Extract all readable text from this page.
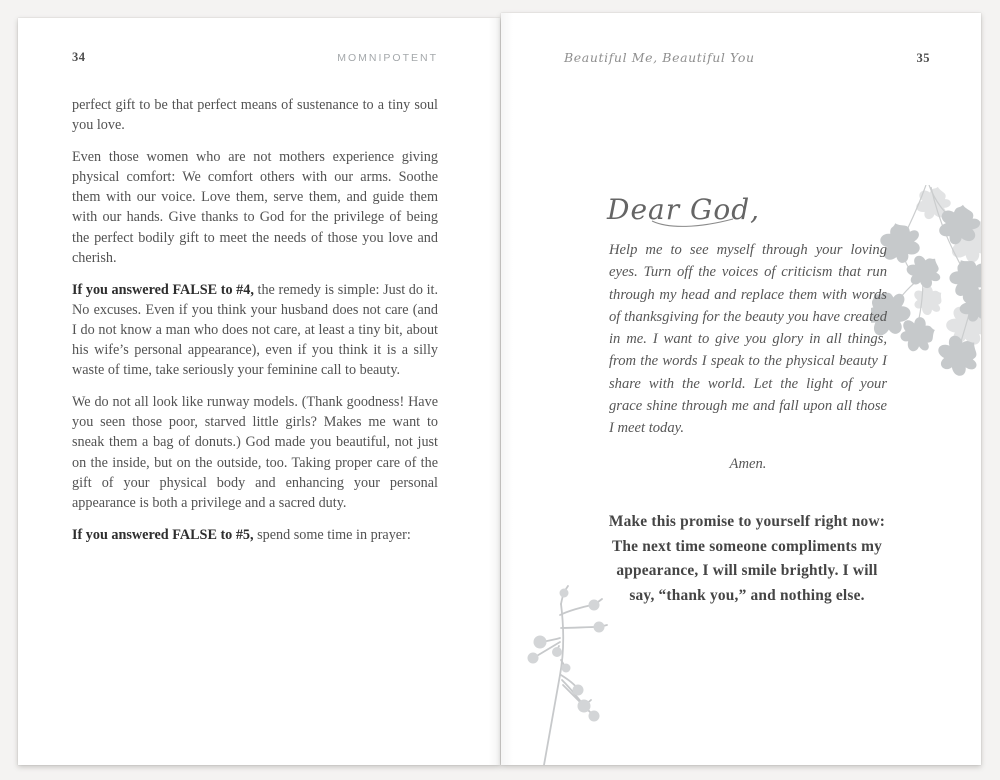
34	MOMNIPOTENT

perfect gift to be that perfect means of sustenance to a tiny soul you love.

Even those women who are not mothers experience giving physical comfort: We comfort others with our arms. Soothe them with our voice. Love them, serve them, and guide them with our hands. Give thanks to God for the privilege of being the perfect bodily gift to meet the needs of those you love and cherish.

If you answered FALSE to #4, the remedy is simple: Just do it. No excuses. Even if you think your husband does not care (and I do not know a man who does not care, at least a tiny bit, about his wife’s personal appearance), even if you think it is a silly waste of time, take seriously your feminine call to beauty.

We do not all look like runway models. (Thank goodness! Have you seen those poor, starved little girls? Makes me want to sneak them a bag of donuts.) God made you beautiful, not just on the inside, but on the outside, too. Taking proper care of the gift of your physical body and enhancing your personal appearance is both a privilege and a sacred duty.

If you answered FALSE to #5, spend some time in prayer:

Beautiful Me, Beautiful You	35
Dear God,
Help me to see myself through your loving eyes. Turn off the voices of criticism that run through my head and replace them with words of thanksgiving for the beauty you have created in me. I want to give you glory in all things, from the words I speak to the physical beauty I share with the world. Let the light of your grace shine through me and fall upon all those I meet today.
Amen.
Make this promise to yourself right now:
The next time someone compliments my
appearance, I will smile brightly. I will
say, “thank you,” and nothing else.
